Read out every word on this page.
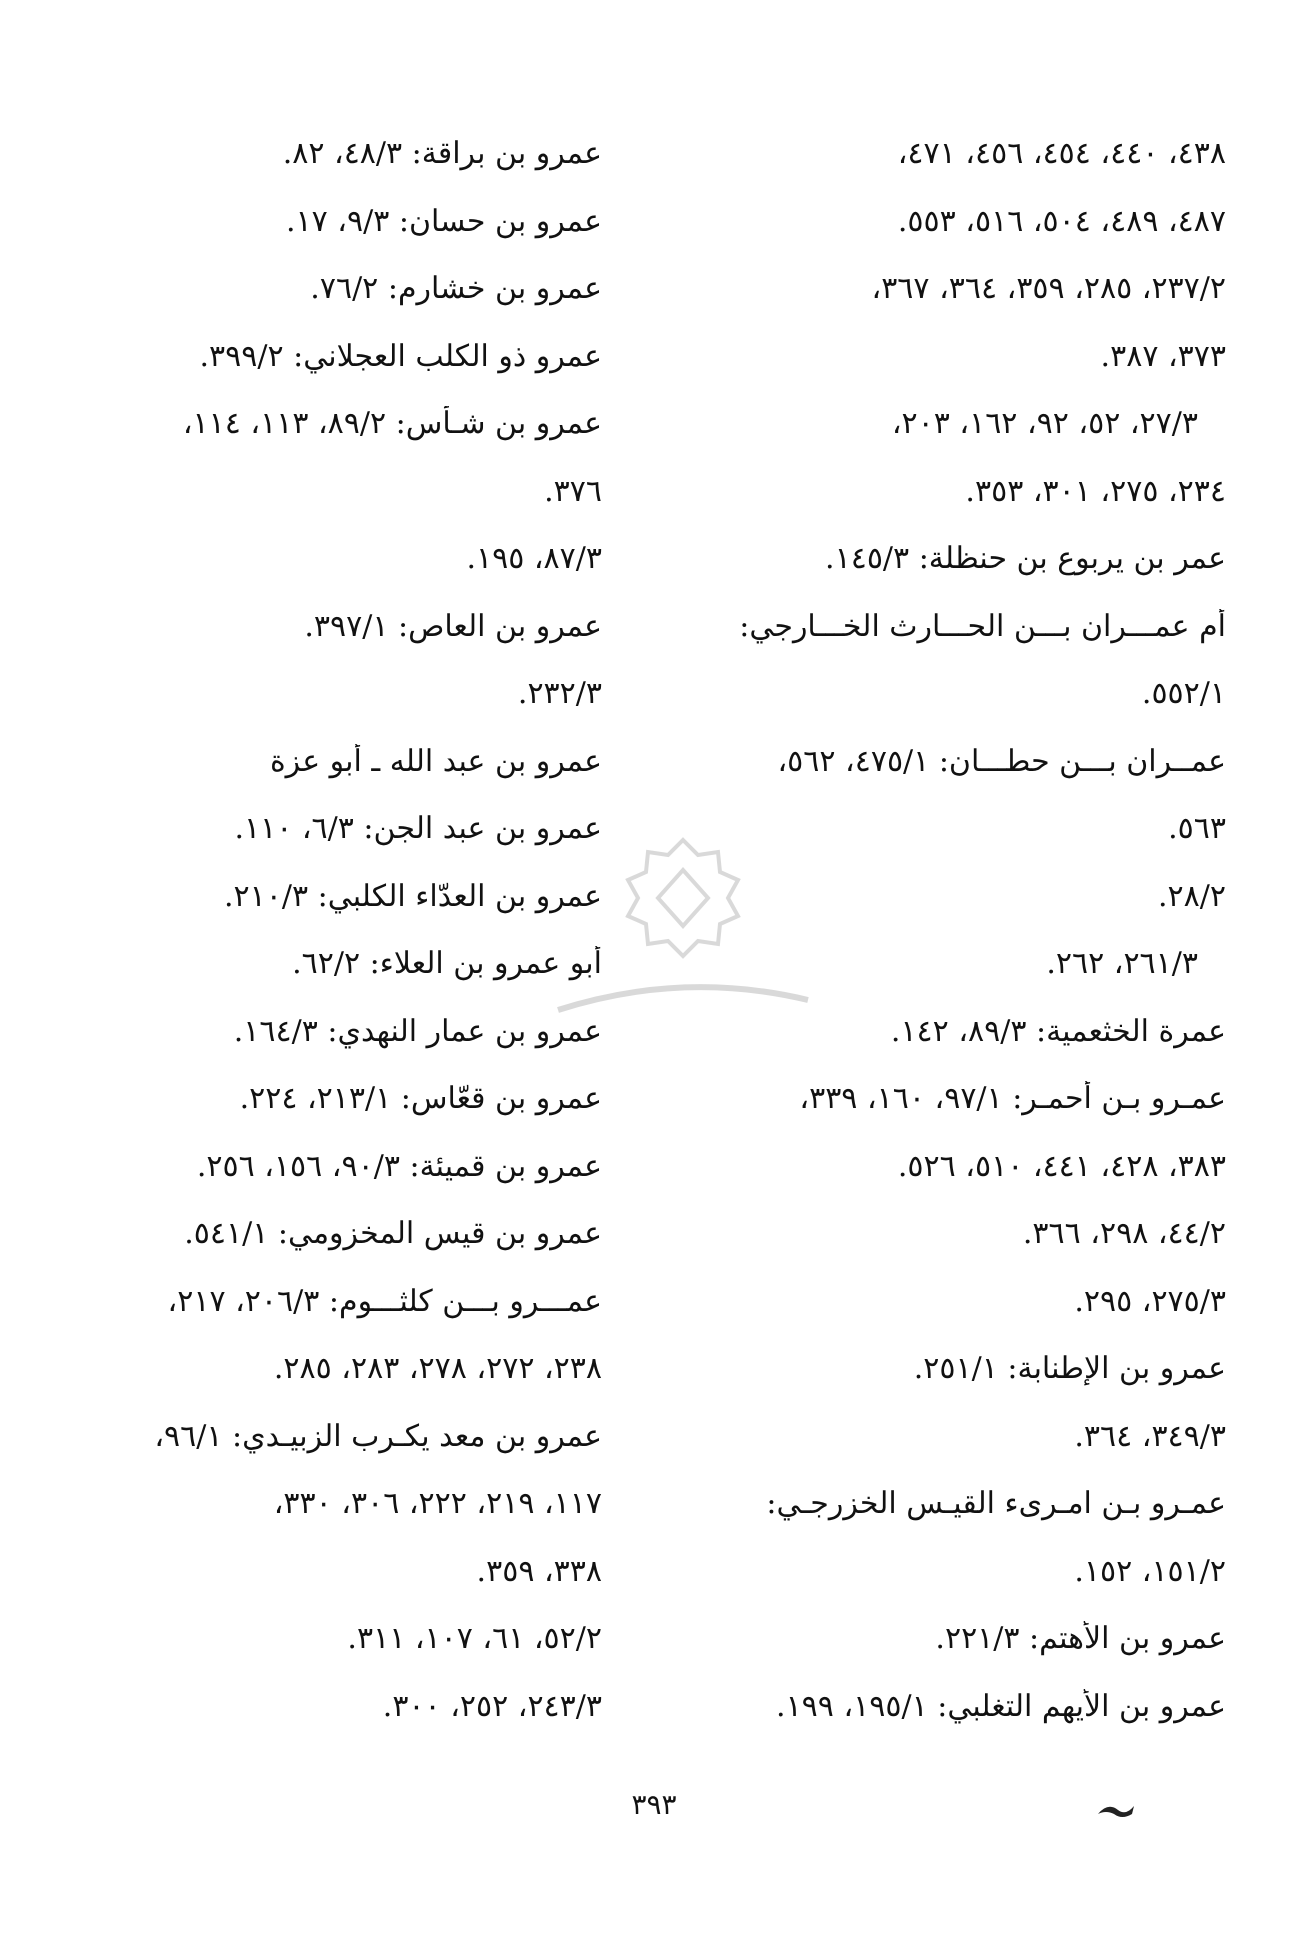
٤٣٨، ٤٤٠، ٤٥٤، ٤٥٦، ٤٧١،
٤٨٧، ٤٨٩، ٥٠٤، ٥١٦، ٥٥٣.
٢٣٧/٢، ٢٨٥، ٣٥٩، ٣٦٤، ٣٦٧،
٣٧٣، ٣٨٧.
٢٧/٣، ٥٢، ٩٢، ١٦٢، ٢٠٣،
٢٣٤، ٢٧٥، ٣٠١، ٣٥٣.
عمر بن يربوع بن حنظلة: ١٤٥/٣.
أم عمـــران بـــن الحـــارث الخـــارجي:
٥٥٢/١.
عمــران بـــن حطـــان: ٤٧٥/١، ٥٦٢،
٥٦٣.
٢٨/٢.
٢٦١/٣، ٢٦٢.
عمرة الخثعمية: ٨٩/٣، ١٤٢.
عمـرو بـن أحمـر: ٩٧/١، ١٦٠، ٣٣٩،
٣٨٣، ٤٢٨، ٤٤١، ٥١٠، ٥٢٦.
٤٤/٢، ٢٩٨، ٣٦٦.
٢٧٥/٣، ٢٩٥.
عمرو بن الإطنابة: ٢٥١/١.
٣٤٩/٣، ٣٦٤.
عمـرو بـن امـرىء القيـس الخزرجـي:
١٥١/٢، ١٥٢.
عمرو بن الأهتم: ٢٢١/٣.
عمرو بن الأيهم التغلبي: ١٩٥/١، ١٩٩.
عمرو بن براقة: ٤٨/٣، ٨٢.
عمرو بن حسان: ٩/٣، ١٧.
عمرو بن خشارم: ٧٦/٢.
عمرو ذو الكلب العجلاني: ٣٩٩/٢.
عمرو بن شـأس: ٨٩/٢، ١١٣، ١١٤،
٣٧٦.
٨٧/٣، ١٩٥.
عمرو بن العاص: ٣٩٧/١.
٢٣٢/٣.
عمرو بن عبد الله ـ أبو عزة
عمرو بن عبد الجن: ٦/٣، ١١٠.
عمرو بن العدّاء الكلبي: ٢١٠/٣.
أبو عمرو بن العلاء: ٦٢/٢.
عمرو بن عمار النهدي: ١٦٤/٣.
عمرو بن قعّاس: ٢١٣/١، ٢٢٤.
عمرو بن قميئة: ٩٠/٣، ١٥٦، ٢٥٦.
عمرو بن قيس المخزومي: ٥٤١/١.
عمـــرو بـــن كلثـــوم: ٢٠٦/٣، ٢١٧،
٢٣٨، ٢٧٢، ٢٧٨، ٢٨٣، ٢٨٥.
عمرو بن معد يكـرب الزبيـدي: ٩٦/١،
١١٧، ٢١٩، ٢٢٢، ٣٠٦، ٣٣٠،
٣٣٨، ٣٥٩.
٥٢/٢، ٦١، ١٠٧، ٣١١.
٢٤٣/٣، ٢٥٢، ٣٠٠.
٣٩٣
